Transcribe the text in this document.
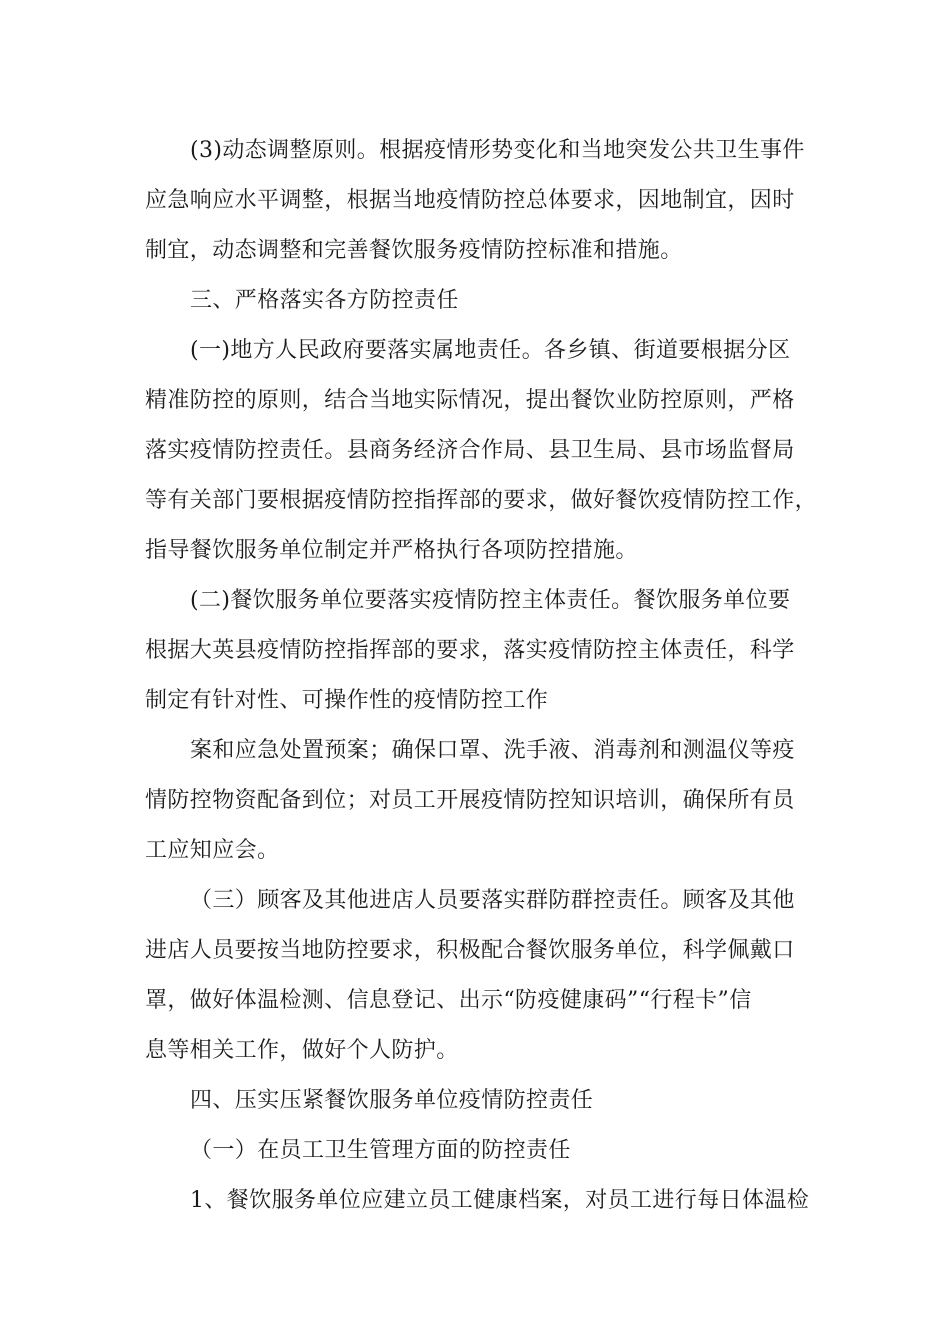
(3)动态调整原则。根据疫情形势变化和当地突发公共卫生事件
应急响应水平调整，根据当地疫情防控总体要求，因地制宜，因时
制宜，动态调整和完善餐饮服务疫情防控标准和措施。
三、严格落实各方防控责任
(一)地方人民政府要落实属地责任。各乡镇、街道要根据分区
精准防控的原则，结合当地实际情况，提出餐饮业防控原则，严格
落实疫情防控责任。县商务经济合作局、县卫生局、县市场监督局
等有关部门要根据疫情防控指挥部的要求，做好餐饮疫情防控工作，
指导餐饮服务单位制定并严格执行各项防控措施。
(二)餐饮服务单位要落实疫情防控主体责任。餐饮服务单位要
根据大英县疫情防控指挥部的要求，落实疫情防控主体责任，科学
制定有针对性、可操作性的疫情防控工作
案和应急处置预案；确保口罩、洗手液、消毒剂和测温仪等疫
情防控物资配备到位；对员工开展疫情防控知识培训，确保所有员
工应知应会。
（三）顾客及其他进店人员要落实群防群控责任。顾客及其他
进店人员要按当地防控要求，积极配合餐饮服务单位，科学佩戴口
罩，做好体温检测、信息登记、出示“防疫健康码”“行程卡”信
息等相关工作，做好个人防护。
四、压实压紧餐饮服务单位疫情防控责任
（一）在员工卫生管理方面的防控责任
1、餐饮服务单位应建立员工健康档案，对员工进行每日体温检
